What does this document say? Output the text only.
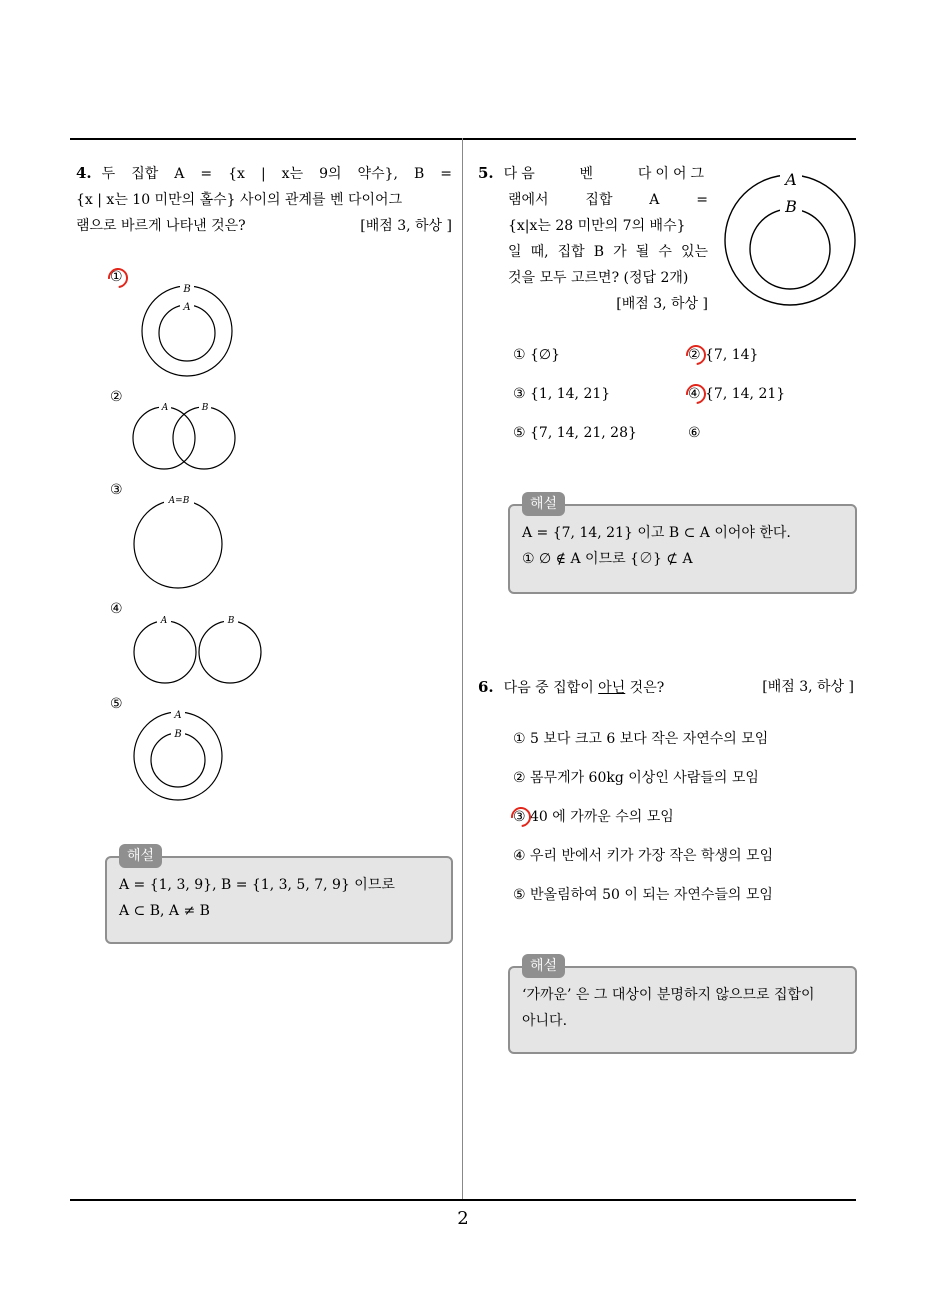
4. 두 집합 A = {x | x는 9의 약수}, B =
{x | x는 10 미만의 홀수} 사이의 관계를 벤 다이어그
램으로 바르게 나타낸 것은?	[배점 3, 하상 ]
①
B
A
②
A	B
③
A=B
④
A	B
⑤
A
B
해설
A = {1, 3, 9}, B = {1, 3, 5, 7, 9} 이므로
A ⊂ B, A ≠ B
5. 다음 벤 다이어그
램에서 집합 A =
{x|x는 28 미만의 7의 배수}
일 때, 집합 B 가 될 수 있는
것을 모두 고르면? (정답 2개)
[배점 3, 하상 ]
A
B
① {∅}	② {7, 14}
③ {1, 14, 21}	④ {7, 14, 21}
⑤ {7, 14, 21, 28}	⑥
해설
A = {7, 14, 21} 이고 B ⊂ A 이어야 한다.
① ∅ ∉ A 이므로 {∅} ⊄ A
6. 다음 중 집합이 아닌 것은?	[배점 3, 하상 ]
① 5 보다 크고 6 보다 작은 자연수의 모임
② 몸무게가 60kg 이상인 사람들의 모임
③ 40 에 가까운 수의 모임
④ 우리 반에서 키가 가장 작은 학생의 모임
⑤ 반올림하여 50 이 되는 자연수들의 모임
해설
‘가까운’ 은 그 대상이 분명하지 않으므로 집합이
아니다.
2
